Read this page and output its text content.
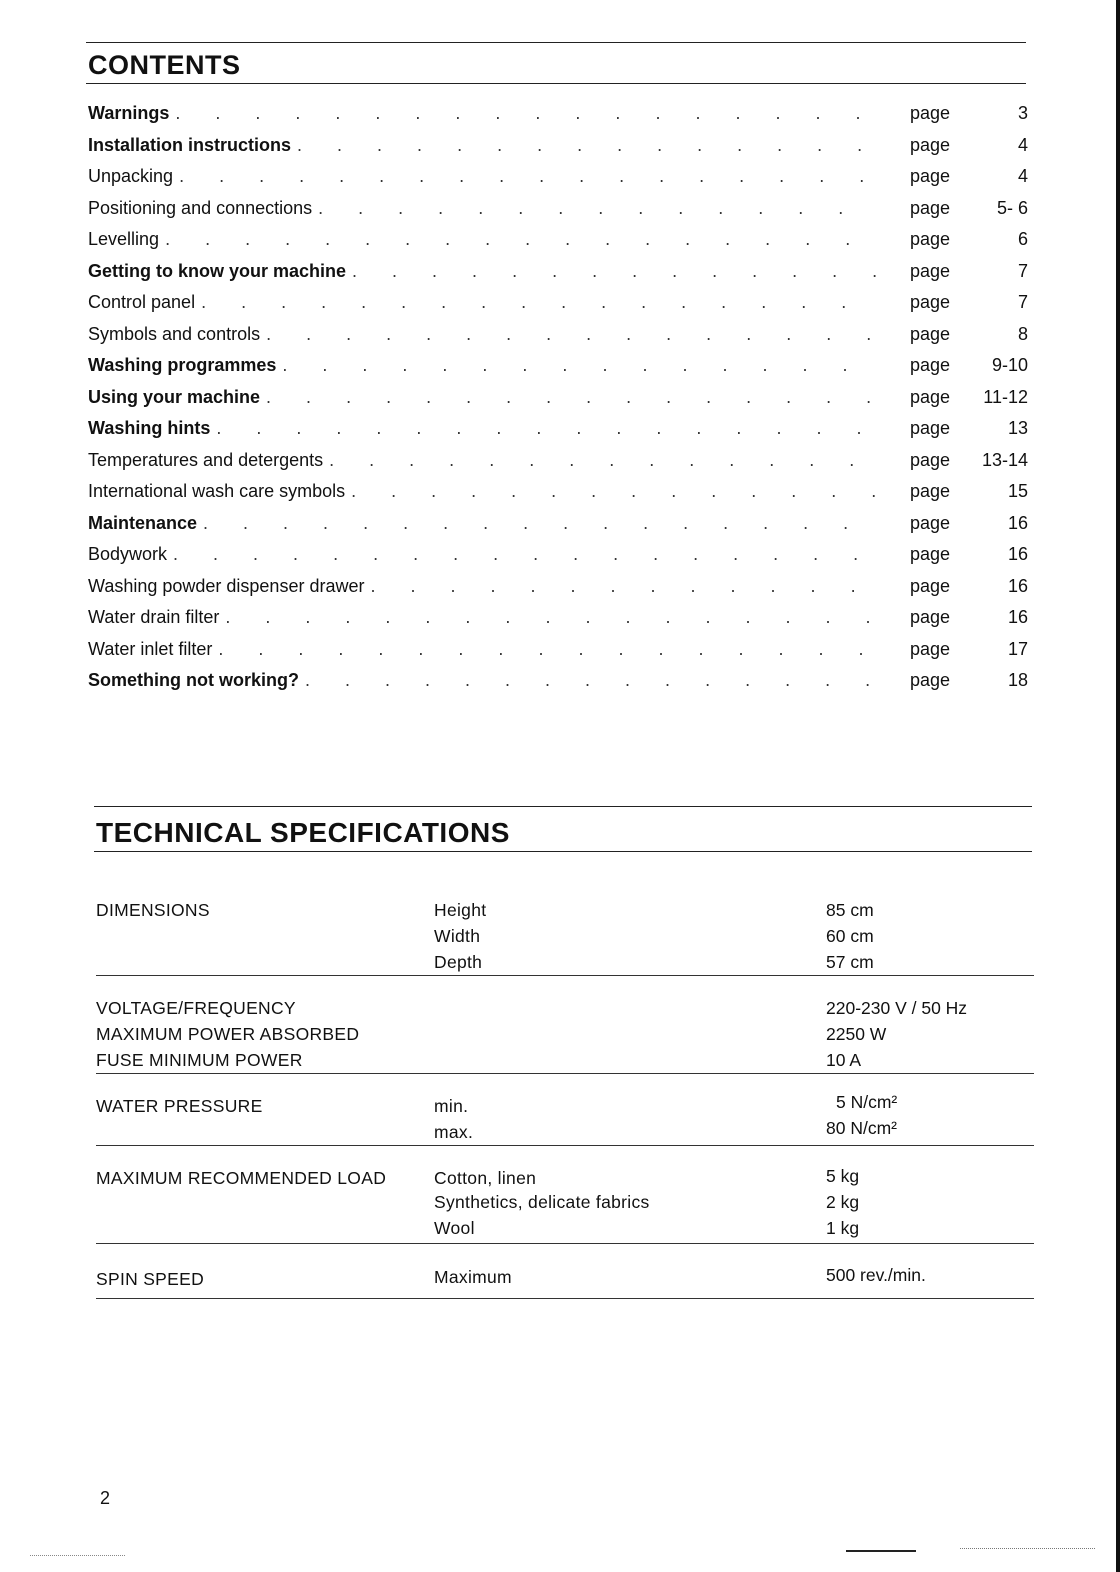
CONTENTS
Warnings .	page	3
Installation instructions .	page	4
Unpacking .	page	4
Positioning and connections .	page	5- 6
Levelling .	page	6
Getting to know your machine .	page	7
Control panel .	page	7
Symbols and controls .	page	8
Washing programmes .	page	9-10
Using your machine .	page	11-12
Washing hints .	page	13
Temperatures and detergents .	page	13-14
International wash care symbols .	page	15
Maintenance .	page	16
Bodywork .	page	16
Washing powder dispenser drawer .	page	16
Water drain filter .	page	16
Water inlet filter .	page	17
Something not working? .	page	18
TECHNICAL SPECIFICATIONS
DIMENSIONS	Height	85 cm
Width	60 cm
Depth	57 cm
VOLTAGE/FREQUENCY	220-230 V / 50 Hz
MAXIMUM POWER ABSORBED	2250 W
FUSE MINIMUM POWER	10 A
WATER PRESSURE	min.	5 N/cm²
max.	80 N/cm²
MAXIMUM RECOMMENDED LOAD	Cotton, linen	5 kg
Synthetics, delicate fabrics	2 kg
Wool	1 kg
SPIN SPEED	Maximum	500 rev./min.
2
